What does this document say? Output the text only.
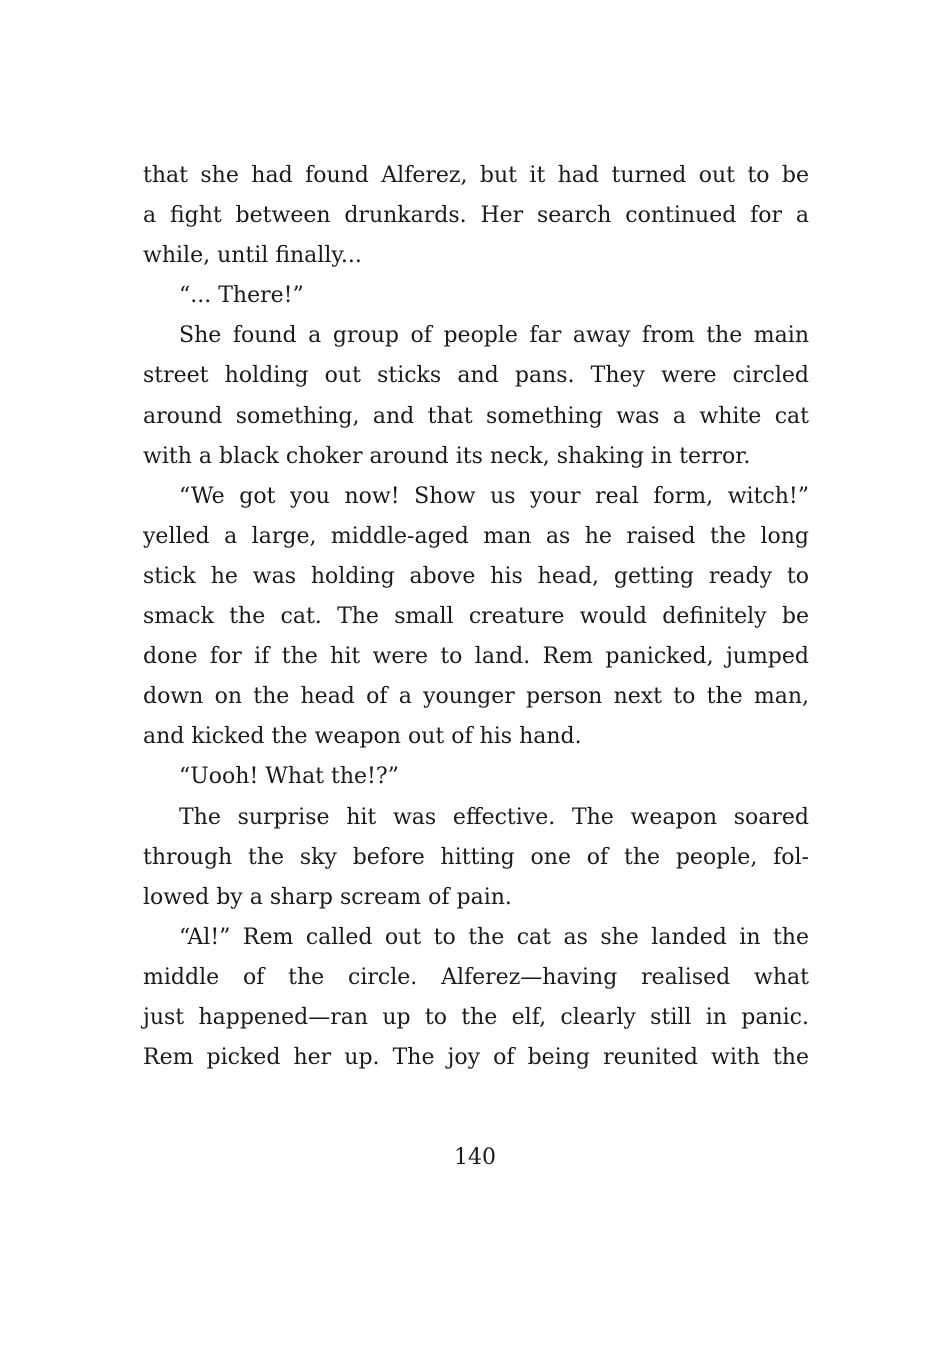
that she had found Alferez, but it had turned out to be
a fight between drunkards. Her search continued for a
while, until finally...
“... There!”
She found a group of people far away from the main
street holding out sticks and pans. They were circled
around something, and that something was a white cat
with a black choker around its neck, shaking in terror.
“We got you now! Show us your real form, witch!”
yelled a large, middle-aged man as he raised the long
stick he was holding above his head, getting ready to
smack the cat. The small creature would definitely be
done for if the hit were to land. Rem panicked, jumped
down on the head of a younger person next to the man,
and kicked the weapon out of his hand.
“Uooh! What the!?”
The surprise hit was effective. The weapon soared
through the sky before hitting one of the people, fol-
lowed by a sharp scream of pain.
“Al!” Rem called out to the cat as she landed in the
middle of the circle. Alferez—having realised what
just happened—ran up to the elf, clearly still in panic.
Rem picked her up. The joy of being reunited with the
140
